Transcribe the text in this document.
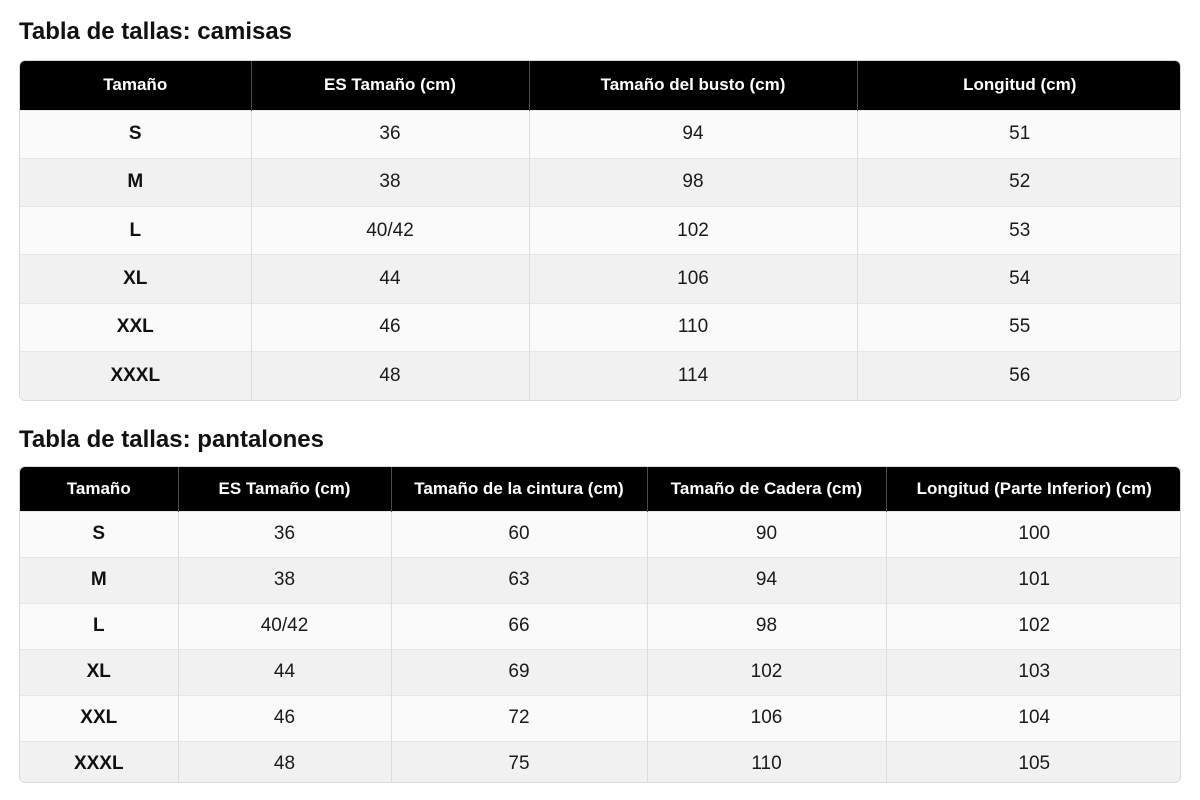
Tabla de tallas: camisas
Tamaño	ES Tamaño (cm)	Tamaño del busto (cm)	Longitud (cm)
S	36	94	51
M	38	98	52
L	40/42	102	53
XL	44	106	54
XXL	46	110	55
XXXL	48	114	56
Tabla de tallas: pantalones
Tamaño	ES Tamaño (cm)	Tamaño de la cintura (cm)	Tamaño de Cadera (cm)	Longitud (Parte Inferior) (cm)
S	36	60	90	100
M	38	63	94	101
L	40/42	66	98	102
XL	44	69	102	103
XXL	46	72	106	104
XXXL	48	75	110	105
